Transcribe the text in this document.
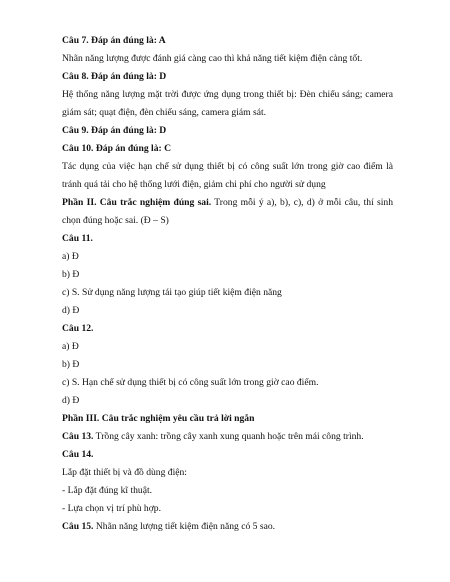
Câu 7. Đáp án đúng là: A

Nhãn năng lượng được đánh giá càng cao thì khả năng tiết kiệm điện càng tốt.

Câu 8. Đáp án đúng là: D

Hệ thống năng lượng mặt trời được ứng dụng trong thiết bị: Đèn chiếu sáng; camera giám sát; quạt điện, đèn chiếu sáng, camera giám sát.

Câu 9. Đáp án đúng là: D

Câu 10. Đáp án đúng là: C

Tác dụng của việc hạn chế sử dụng thiết bị có công suất lớn trong giờ cao điểm là tránh quá tải cho hệ thống lưới điện, giảm chi phí cho người sử dụng

Phần II. Câu trắc nghiệm đúng sai. Trong mỗi ý a), b), c), d) ở mỗi câu, thí sinh chọn đúng hoặc sai. (Đ – S)

Câu 11.

a) Đ

b) Đ

c) S. Sử dụng năng lượng tái tạo giúp tiết kiệm điện năng

d) Đ

Câu 12.

a) Đ

b) Đ

c) S. Hạn chế sử dụng thiết bị có công suất lớn trong giờ cao điểm.

d) Đ

Phần III. Câu trắc nghiệm yêu cầu trả lời ngắn

Câu 13. Trồng cây xanh: trồng cây xanh xung quanh hoặc trên mái công trình.

Câu 14.

Lắp đặt thiết bị và đồ dùng điện:

- Lắp đặt đúng kĩ thuật.

- Lựa chọn vị trí phù hợp.

Câu 15. Nhãn năng lượng tiết kiệm điện năng có 5 sao.
